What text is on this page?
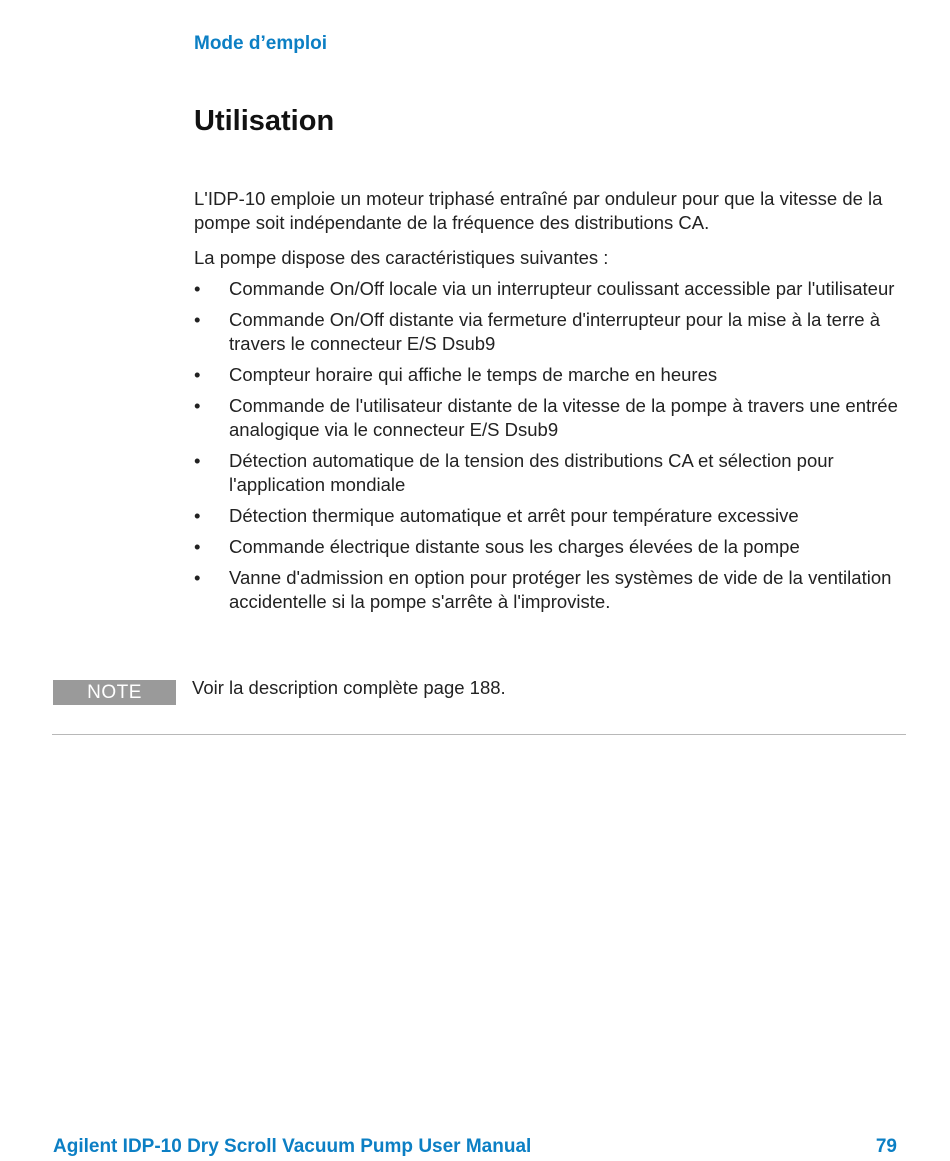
Mode d’emploi
Utilisation

L'IDP-10 emploie un moteur triphasé entraîné par onduleur pour que la vitesse de la pompe soit indépendante de la fréquence des distributions CA.

La pompe dispose des caractéristiques suivantes :

•	Commande On/Off locale via un interrupteur coulissant accessible par l'utilisateur
•	Commande On/Off distante via fermeture d'interrupteur pour la mise à la terre à travers le connecteur E/S Dsub9
•	Compteur horaire qui affiche le temps de marche en heures
•	Commande de l'utilisateur distante de la vitesse de la pompe à travers une entrée analogique via le connecteur E/S Dsub9
•	Détection automatique de la tension des distributions CA et sélection pour l'application mondiale
•	Détection thermique automatique et arrêt pour température excessive
•	Commande électrique distante sous les charges élevées de la pompe
•	Vanne d'admission en option pour protéger les systèmes de vide de la ventilation accidentelle si la pompe s'arrête à l'improviste.
NOTE	Voir la description complète page 188.
Agilent IDP-10 Dry Scroll Vacuum Pump User Manual	79
